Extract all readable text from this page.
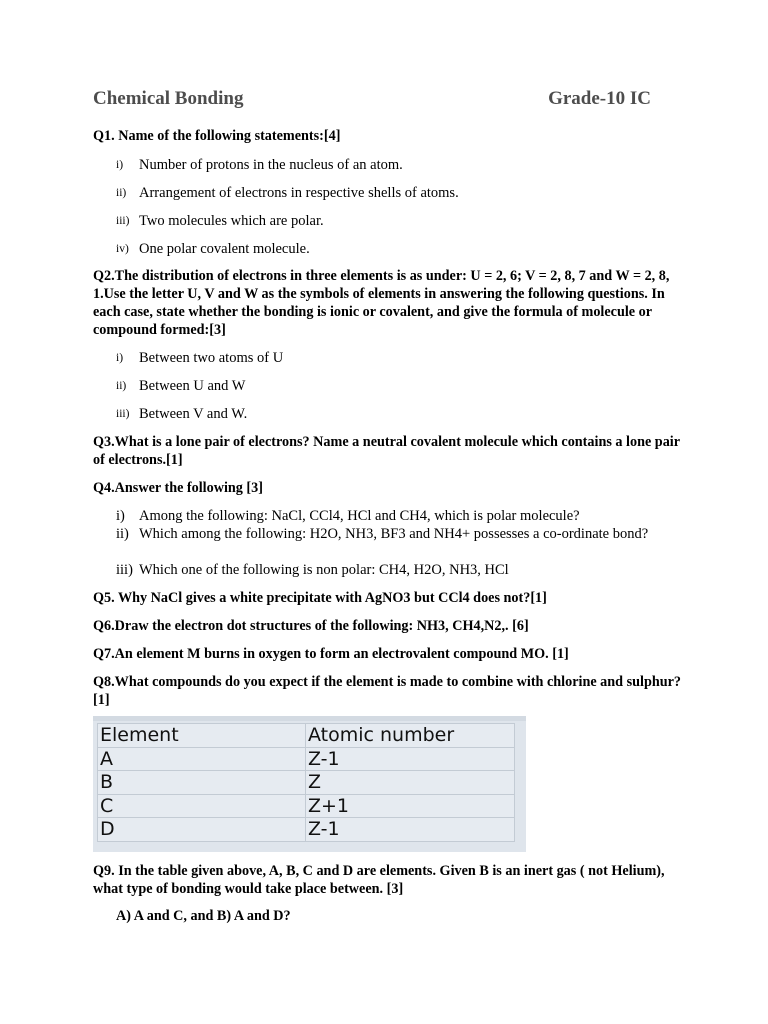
Chemical Bonding	Grade-10 IC
Q1. Name of the following statements:[4]
i) Number of protons in the nucleus of an atom.
ii) Arrangement of electrons in respective shells of atoms.
iii) Two molecules which are polar.
iv) One polar covalent molecule.
Q2.The distribution of electrons in three elements is as under: U = 2, 6; V = 2, 8, 7 and W = 2, 8, 1.Use the letter U, V and W as the symbols of elements in answering the following questions. In each case, state whether the bonding is ionic or covalent, and give the formula of molecule or compound formed:[3]
i) Between two atoms of U
ii) Between U and W
iii) Between V and W.
Q3.What is a lone pair of electrons? Name a neutral covalent molecule which contains a lone pair of electrons.[1]
Q4.Answer the following [3]
i) Among the following: NaCl, CCl4, HCl and CH4, which is polar molecule?
ii) Which among the following: H2O, NH3, BF3 and NH4+ possesses a co-ordinate bond?
iii) Which one of the following is non polar: CH4, H2O, NH3, HCl
Q5. Why NaCl gives a white precipitate with AgNO3 but CCl4 does not?[1]
Q6.Draw the electron dot structures of the following: NH3, CH4,N2,. [6]
Q7.An element M burns in oxygen to form an electrovalent compound MO. [1]
Q8.What compounds do you expect if the element is made to combine with chlorine and sulphur?[1]
Q9. In the table given above, A, B, C and D are elements. Given B is an inert gas ( not Helium), what type of bonding would take place between. [3]
A) A and C, and B) A and D?
Element	Atomic number
A	Z-1
B	Z
C	Z+1
D	Z-1
